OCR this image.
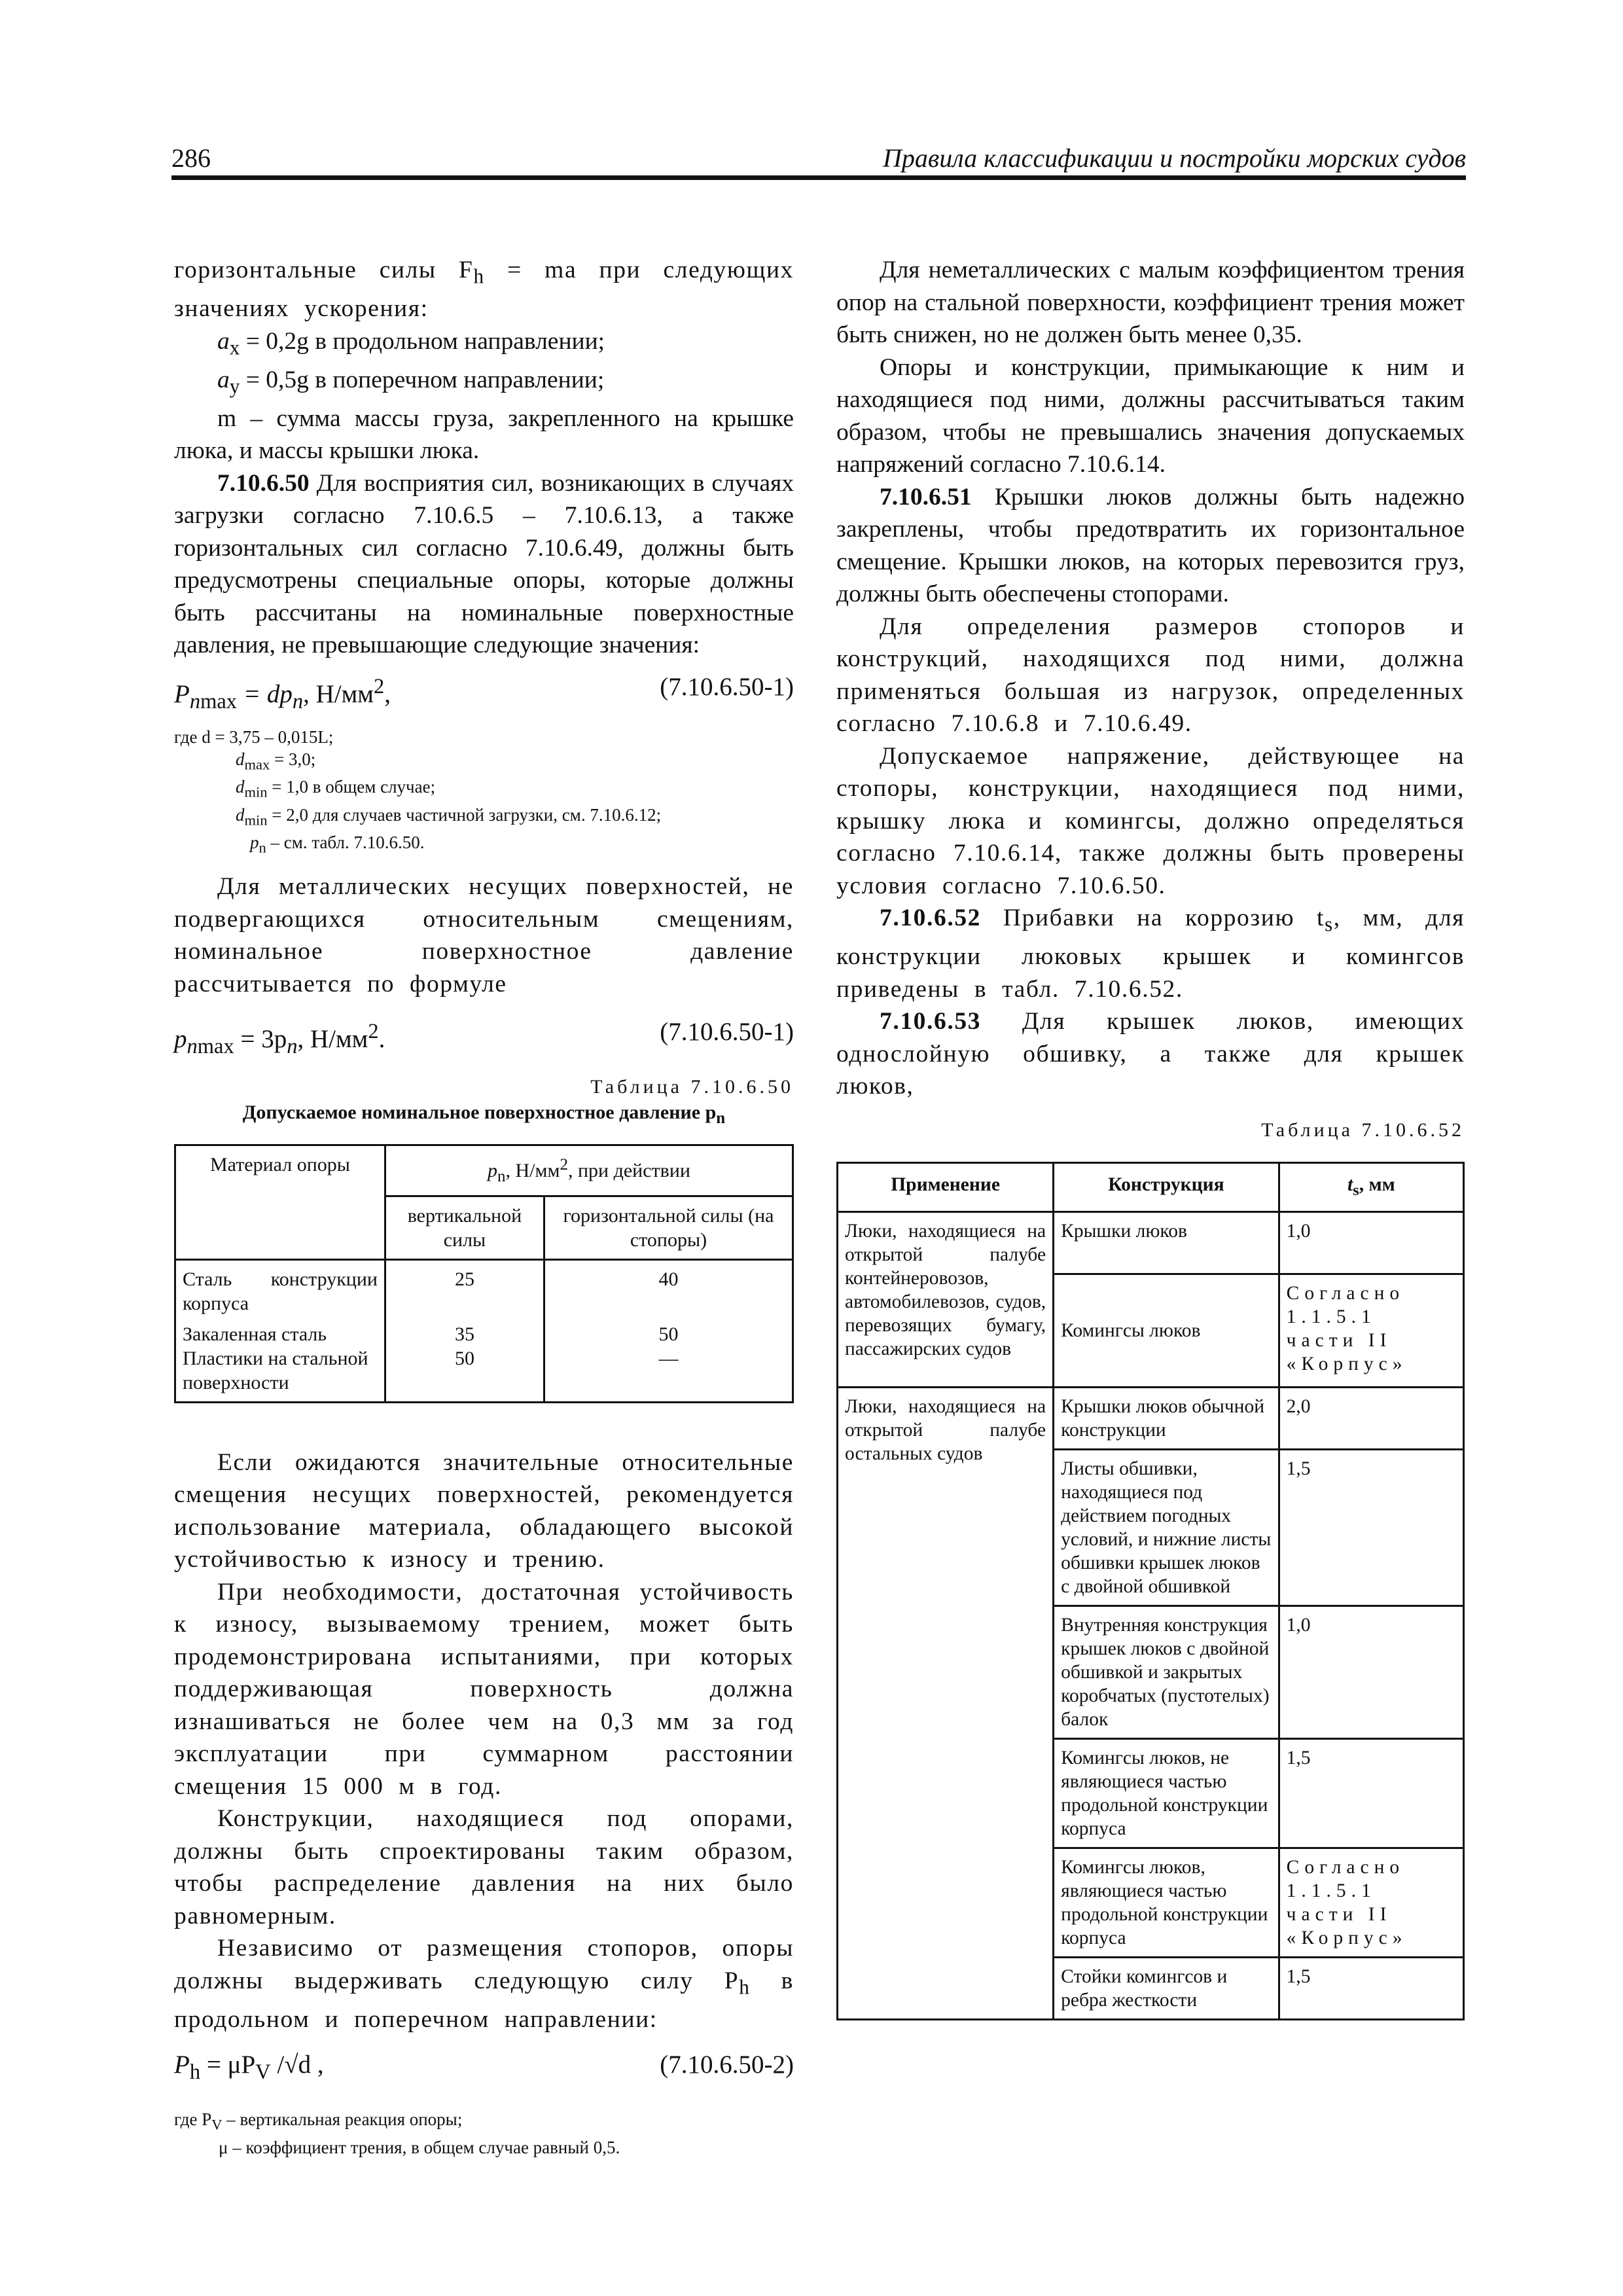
286	Правила классификации и постройки морских судов

горизонтальные силы $F_h$ = ma при следующих значениях ускорения:

$a_x = 0,2g$ в продольном направлении;

$a_y = 0,5g$ в поперечном направлении;

m – сумма массы груза, закрепленного на крышке люка, и массы крышки люка.

7.10.6.50 Для восприятия сил, возникающих в случаях загрузки согласно 7.10.6.5 – 7.10.6.13, а также горизонтальных сил согласно 7.10.6.49, должны быть предусмотрены специальные опоры, которые должны быть рассчитаны на номинальные поверхностные давления, не превышающие следующие значения:

$P_{nmax} = dp_n$, $Н/мм^2$,	(7.10.6.50-1)
где d = 3,75 – 0,015L;
$d_{max} = 3,0$;
$d_{min} = 1,0$ в общем случае;
$d_{min} = 2,0$ для случаев частичной загрузки, см. 7.10.6.12;
$p_n$ – см. табл. 7.10.6.50.

Для металлических несущих поверхностей, не подвергающихся относительным смещениям, номинальное поверхностное давление рассчитывается по формуле

$p_{nmax} = 3p_n$, $Н/мм^2$.	(7.10.6.50-1)
Таблица 7.10.6.50
Допускаемое номинальное поверхностное давление $p_n$
Материал опоры	$p_n$, $Н/мм^2$, при действии	
	вертикальной силы	горизонтальной силы (на стопоры)
Сталь конструкции корпуса	25	40
Закаленная сталь	35	50
Пластики на стальной поверхности	50	—

Если ожидаются значительные относительные смещения несущих поверхностей, рекомендуется использование материала, обладающего высокой устойчивостью к износу и трению.

При необходимости, достаточная устойчивость к износу, вызываемому трением, может быть продемонстрирована испытаниями, при которых поддерживающая поверхность должна изнашиваться не более чем на 0,3 мм за год эксплуатации при суммарном расстоянии смещения 15 000 м в год.

Конструкции, находящиеся под опорами, должны быть спроектированы таким образом, чтобы распределение давления на них было равномерным.

Независимо от размещения стопоров, опоры должны выдерживать следующую силу $P_h$ в продольном и поперечном направлении:

$P_h = \mu P_V$ /√d ,	(7.10.6.50-2)
где $P_V$ – вертикальная реакция опоры;
μ – коэффициент трения, в общем случае равный 0,5.

Для неметаллических с малым коэффициентом трения опор на стальной поверхности, коэффициент трения может быть снижен, но не должен быть менее 0,35.

Опоры и конструкции, примыкающие к ним и находящиеся под ними, должны рассчитываться таким образом, чтобы не превышались значения допускаемых напряжений согласно 7.10.6.14.

7.10.6.51 Крышки люков должны быть надежно закреплены, чтобы предотвратить их горизонтальное смещение. Крышки люков, на которых перевозится груз, должны быть обеспечены стопорами.

Для определения размеров стопоров и конструкций, находящихся под ними, должна применяться большая из нагрузок, определенных согласно 7.10.6.8 и 7.10.6.49.

Допускаемое напряжение, действующее на стопоры, конструкции, находящиеся под ними, крышку люка и комингсы, должно определяться согласно 7.10.6.14, также должны быть проверены условия согласно 7.10.6.50.

7.10.6.52 Прибавки на коррозию $t_s$, мм, для конструкции люковых крышек и комингсов приведены в табл. 7.10.6.52.

7.10.6.53 Для крышек люков, имеющих однослойную обшивку, а также для крышек люков,

Таблица 7.10.6.52
Применение	Конструкция	$t_s$, мм
Люки, находящиеся на открытой палубе контейнеровозов, автомобилевозов, судов, перевозящих бумагу, пассажирских судов	Крышки люков	1,0
	Комингсы люков	Согласно 1.1.5.1 части II «Корпус»
Люки, находящиеся на открытой палубе остальных судов	Крышки люков обычной конструкции	2,0
	Листы обшивки, находящиеся под действием погодных условий, и нижние листы обшивки крышек люков с двойной обшивкой	1,5
	Внутренняя конструкция крышек люков с двойной обшивкой и закрытых коробчатых (пустотелых) балок	1,0
	Комингсы люков, не являющиеся частью продольной конструкции корпуса	1,5
	Комингсы люков, являющиеся частью продольной конструкции корпуса	Согласно 1.1.5.1 части II «Корпус»
	Стойки комингсов и ребра жесткости	1,5
